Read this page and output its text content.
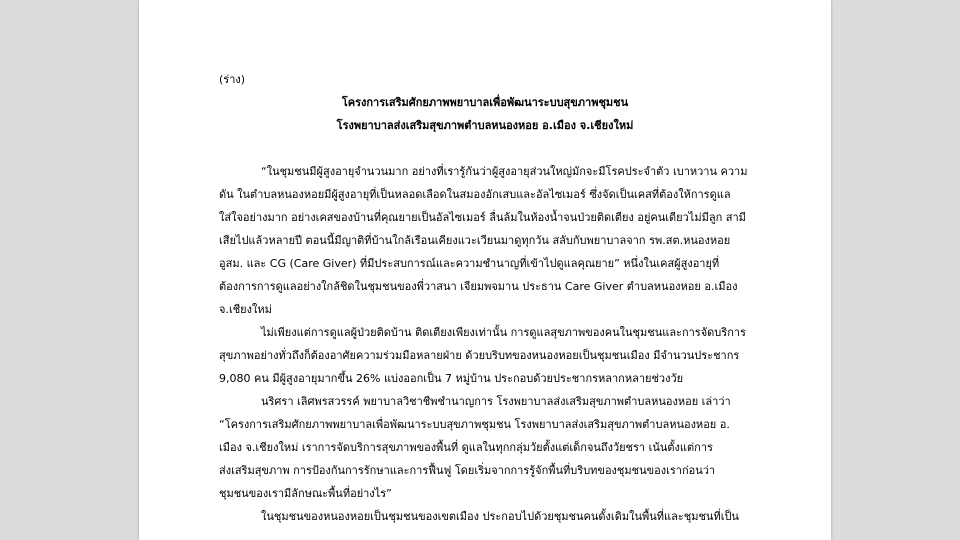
(ร่าง)
โครงการเสริมศักยภาพพยาบาลเพื่อพัฒนาระบบสุขภาพชุมชน
โรงพยาบาลส่งเสริมสุขภาพตำบลหนองหอย อ.เมือง จ.เชียงใหม่

“ในชุมชนมีผู้สูงอายุจำนวนมาก อย่างที่เรารู้กันว่าผู้สูงอายุส่วนใหญ่มักจะมีโรคประจำตัว เบาหวาน ความ
ดัน ในตำบลหนองหอยมีผู้สูงอายุที่เป็นหลอดเลือดในสมองอักเสบและอัลไซเมอร์ ซึ่งจัดเป็นเคสที่ต้องให้การดูแล
ใส่ใจอย่างมาก อย่างเคสของบ้านที่คุณยายเป็นอัลไซเมอร์ ลื่นล้มในห้องน้ำจนป่วยติดเตียง อยู่คนเดียวไม่มีลูก สามี
เสียไปแล้วหลายปี ตอนนี้มีญาติที่บ้านใกล้เรือนเคียงแวะเวียนมาดูทุกวัน สลับกับพยาบาลจาก รพ.สต.หนองหอย
อูสม. และ CG (Care Giver) ที่มีประสบการณ์และความชำนาญที่เข้าไปดูแลคุณยาย” หนึ่งในเคสผู้สูงอายุที่
ต้องการการดูแลอย่างใกล้ชิดในชุมชนของพี่วาสนา เจียมพจมาน ประธาน Care Giver ตำบลหนองหอย อ.เมือง
จ.เชียงใหม่

ไม่เพียงแต่การดูแลผู้ป่วยติดบ้าน ติดเตียงเพียงเท่านั้น การดูแลสุขภาพของคนในชุมชนและการจัดบริการ
สุขภาพอย่างทั่วถึงก็ต้องอาศัยความร่วมมือหลายฝ่าย ด้วยบริบทของหนองหอยเป็นชุมชนเมือง มีจำนวนประชากร
9,080 คน มีผู้สูงอายุมากขึ้น 26% แบ่งออกเป็น 7 หมู่บ้าน ประกอบด้วยประชากรหลากหลายช่วงวัย

นริศรา เลิศพรสวรรค์ พยาบาลวิชาชีพชำนาญการ โรงพยาบาลส่งเสริมสุขภาพตำบลหนองหอย เล่าว่า
“โครงการเสริมศักยภาพพยาบาลเพื่อพัฒนาระบบสุขภาพชุมชน โรงพยาบาลส่งเสริมสุขภาพตำบลหนองหอย อ.
เมือง จ.เชียงใหม่ เราการจัดบริการสุขภาพของพื้นที่ ดูแลในทุกกลุ่มวัยตั้งแต่เด็กจนถึงวัยชรา เน้นตั้งแต่การ
ส่งเสริมสุขภาพ การป้องกันการรักษาและการฟื้นฟู โดยเริ่มจากการรู้จักพื้นที่บริบทของชุมชนของเราก่อนว่า
ชุมชนของเรามีลักษณะพื้นที่อย่างไร”

ในชุมชนของหนองหอยเป็นชุมชนของเขตเมือง ประกอบไปด้วยชุมชนคนดั้งเดิมในพื้นที่และชุมชนที่เป็น
